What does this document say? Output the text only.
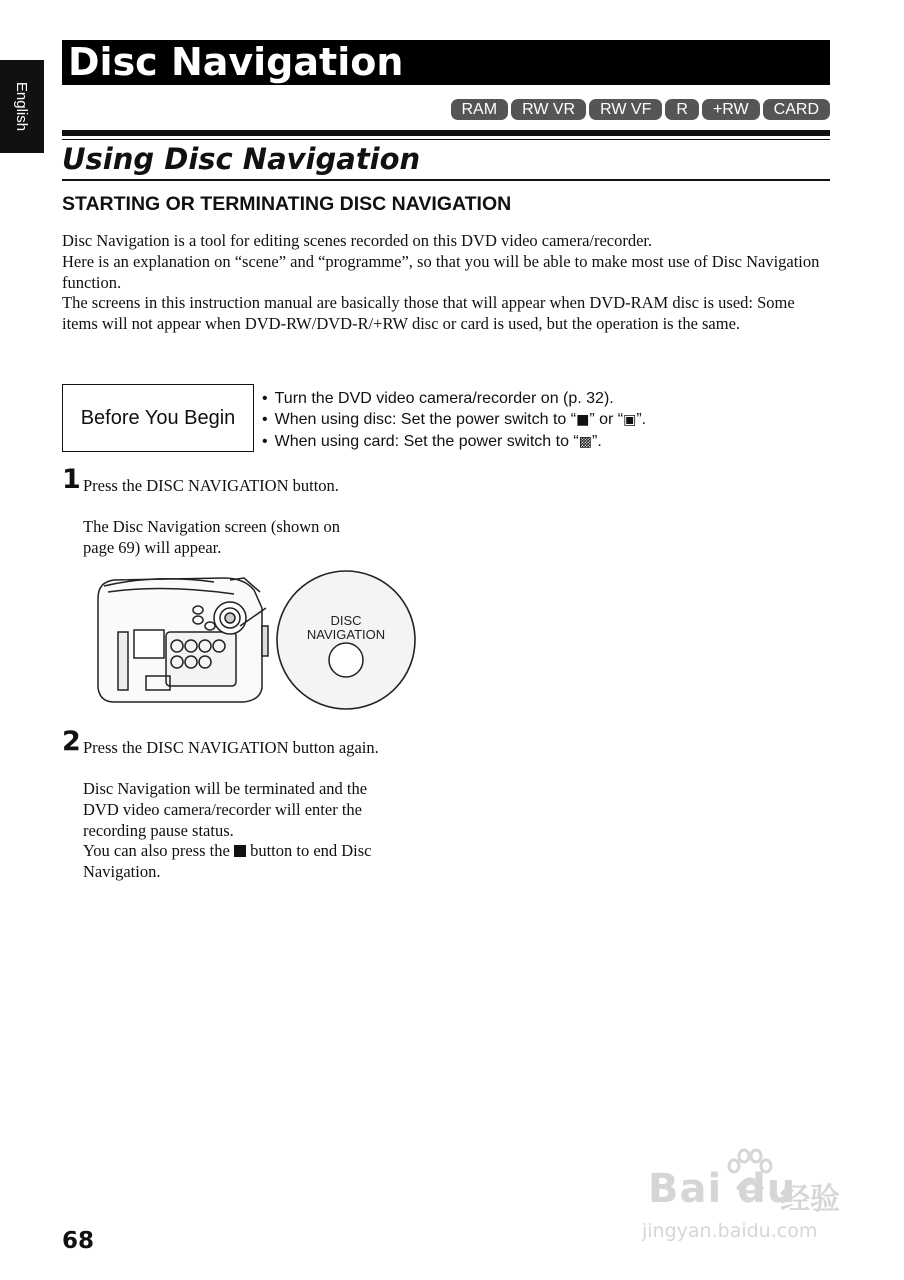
English
Disc Navigation
RAM	RW VR	RW VF	R	+RW	CARD
Using Disc Navigation
STARTING OR TERMINATING DISC NAVIGATION

Disc Navigation is a tool for editing scenes recorded on this DVD video camera/recorder.

Here is an explanation on “scene” and “programme”, so that you will be able to make most use of Disc Navigation function.

The screens in this instruction manual are basically those that will appear when DVD-RAM disc is used: Some items will not appear when DVD-RW/DVD-R/+RW disc or card is used, but the operation is the same.

Before You Begin
• Turn the DVD video camera/recorder on (p. 32).
• When using disc: Set the power switch to “■” or “▣”.
• When using card: Set the power switch to “▩”.
1 Press the DISC NAVIGATION button.

The Disc Navigation screen (shown on

page 69) will appear.

DISC
NAVIGATION
2 Press the DISC NAVIGATION button again.

Disc Navigation will be terminated and the

DVD video camera/recorder will enter the

recording pause status.

You can also press the button to end Disc

Navigation.

68
Bai du
经验
jingyan.baidu.com
